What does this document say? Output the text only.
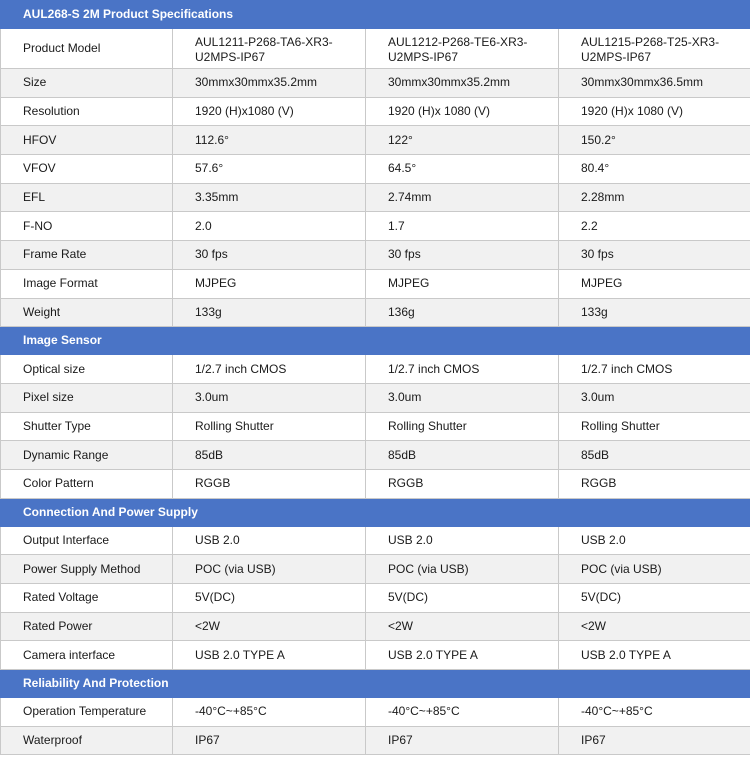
AUL268-S 2M Product Specifications			
Product Model	AUL1211-P268-TA6-XR3-U2MPS-IP67	AUL1212-P268-TE6-XR3-U2MPS-IP67	AUL1215-P268-T25-XR3-U2MPS-IP67
Size	30mmx30mmx35.2mm	30mmx30mmx35.2mm	30mmx30mmx36.5mm
Resolution	1920 (H)x1080 (V)	1920 (H)x 1080 (V)	1920 (H)x 1080 (V)
HFOV	112.6°	122°	150.2°
VFOV	57.6°	64.5°	80.4°
EFL	3.35mm	2.74mm	2.28mm
F-NO	2.0	1.7	2.2
Frame Rate	30 fps	30 fps	30 fps
Image Format	MJPEG	MJPEG	MJPEG
Weight	133g	136g	133g
Image Sensor			
Optical size	1/2.7 inch CMOS	1/2.7 inch CMOS	1/2.7 inch CMOS
Pixel size	3.0um	3.0um	3.0um
Shutter Type	Rolling Shutter	Rolling Shutter	Rolling Shutter
Dynamic Range	85dB	85dB	85dB
Color Pattern	RGGB	RGGB	RGGB
Connection And Power Supply			
Output Interface	USB 2.0	USB 2.0	USB 2.0
Power Supply Method	POC (via USB)	POC (via USB)	POC (via USB)
Rated Voltage	5V(DC)	5V(DC)	5V(DC)
Rated Power	<2W	<2W	<2W
Camera interface	USB 2.0 TYPE A	USB 2.0 TYPE A	USB 2.0 TYPE A
Reliability And Protection			
Operation Temperature	-40°C~+85°C	-40°C~+85°C	-40°C~+85°C
Waterproof	IP67	IP67	IP67
